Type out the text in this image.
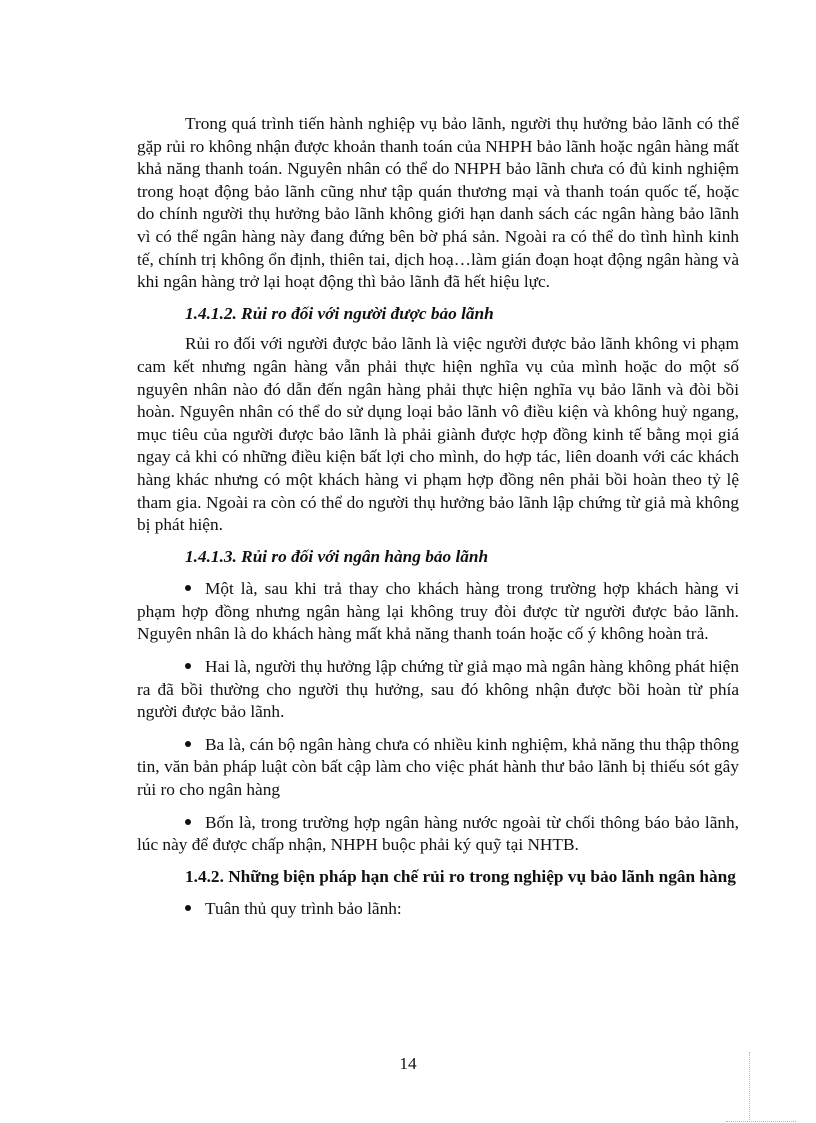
Trong quá trình tiến hành nghiệp vụ bảo lãnh, người thụ hưởng bảo lãnh có thể gặp rủi ro không nhận được khoản thanh toán của NHPH bảo lãnh hoặc ngân hàng mất khả năng thanh toán. Nguyên nhân có thể do NHPH bảo lãnh chưa có đủ kinh nghiệm trong hoạt động bảo lãnh cũng như tập quán thương mại và thanh toán quốc tế, hoặc do chính người thụ hưởng bảo lãnh không giới hạn danh sách các ngân hàng bảo lãnh vì có thể ngân hàng này đang đứng bên bờ phá sản. Ngoài ra có thể do tình hình kinh tế, chính trị không ổn định, thiên tai, dịch hoạ…làm gián đoạn hoạt động ngân hàng và khi ngân hàng trở lại hoạt động thì bảo lãnh đã hết hiệu lực.

1.4.1.2. Rủi ro đối với người được bảo lãnh

Rủi ro đối với người được bảo lãnh là việc người được bảo lãnh không vi phạm cam kết nhưng ngân hàng vẫn phải thực hiện nghĩa vụ của mình hoặc do một số nguyên nhân nào đó dẫn đến ngân hàng phải thực hiện nghĩa vụ bảo lãnh và đòi bồi hoàn. Nguyên nhân có thể do sử dụng loại bảo lãnh vô điều kiện và không huỷ ngang, mục tiêu của người được bảo lãnh là phải giành được hợp đồng kinh tế bằng mọi giá ngay cả khi có những điều kiện bất lợi cho mình, do hợp tác, liên doanh với các khách hàng khác nhưng có một khách hàng vi phạm hợp đồng nên phải bồi hoàn theo tỷ lệ tham gia. Ngoài ra còn có thể do người thụ hưởng bảo lãnh lập chứng từ giả mà không bị phát hiện.

1.4.1.3. Rủi ro đối với ngân hàng bảo lãnh

Một là, sau khi trả thay cho khách hàng trong trường hợp khách hàng vi phạm hợp đồng nhưng ngân hàng lại không truy đòi được từ người được bảo lãnh. Nguyên nhân là do khách hàng mất khả năng thanh toán hoặc cố ý không hoàn trả.

Hai là, người thụ hưởng lập chứng từ giả mạo mà ngân hàng không phát hiện ra đã bồi thường cho người thụ hưởng, sau đó không nhận được bồi hoàn từ phía người được bảo lãnh.

Ba là, cán bộ ngân hàng chưa có nhiều kinh nghiệm, khả năng thu thập thông tin, văn bản pháp luật còn bất cập làm cho việc phát hành thư bảo lãnh bị thiếu sót gây rủi ro cho ngân hàng

Bốn là, trong trường hợp ngân hàng nước ngoài từ chối thông báo bảo lãnh, lúc này để được chấp nhận, NHPH buộc phải ký quỹ tại NHTB.

1.4.2. Những biện pháp hạn chế rủi ro trong nghiệp vụ bảo lãnh ngân hàng

Tuân thủ quy trình bảo lãnh:

14
